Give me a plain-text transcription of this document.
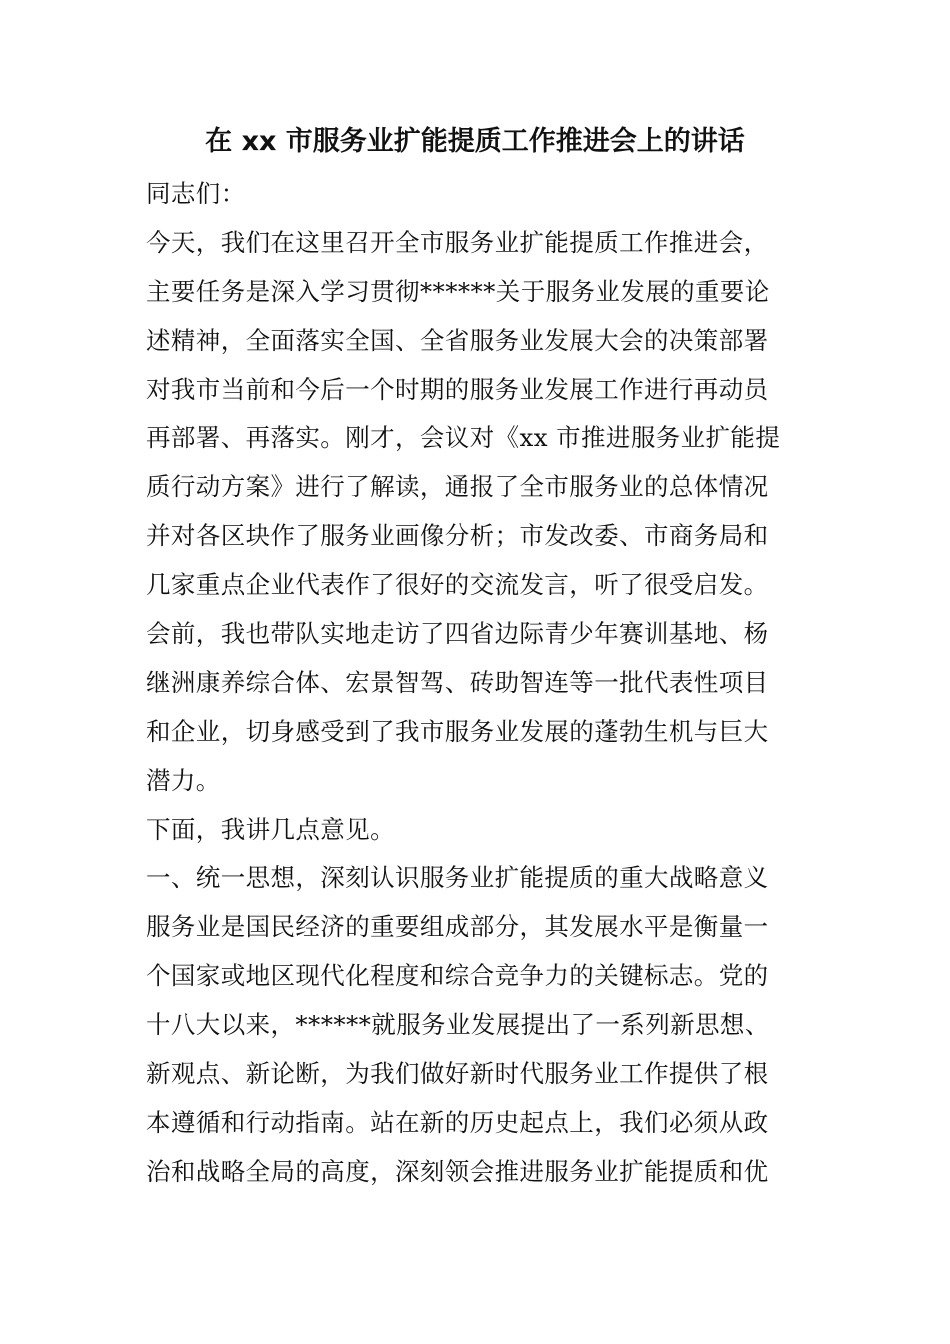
在 xx 市服务业扩能提质工作推进会上的讲话
同志们：
今天，我们在这里召开全市服务业扩能提质工作推进会，
主要任务是深入学习贯彻******关于服务业发展的重要论
述精神，全面落实全国、全省服务业发展大会的决策部署
对我市当前和今后一个时期的服务业发展工作进行再动员
再部署、再落实。刚才，会议对《xx 市推进服务业扩能提
质行动方案》进行了解读，通报了全市服务业的总体情况
并对各区块作了服务业画像分析；市发改委、市商务局和
几家重点企业代表作了很好的交流发言，听了很受启发。
会前，我也带队实地走访了四省边际青少年赛训基地、杨
继洲康养综合体、宏景智驾、砖助智连等一批代表性项目
和企业，切身感受到了我市服务业发展的蓬勃生机与巨大
潜力。
下面，我讲几点意见。
一、统一思想，深刻认识服务业扩能提质的重大战略意义
服务业是国民经济的重要组成部分，其发展水平是衡量一
个国家或地区现代化程度和综合竞争力的关键标志。党的
十八大以来，******就服务业发展提出了一系列新思想、
新观点、新论断，为我们做好新时代服务业工作提供了根
本遵循和行动指南。站在新的历史起点上，我们必须从政
治和战略全局的高度，深刻领会推进服务业扩能提质和优
